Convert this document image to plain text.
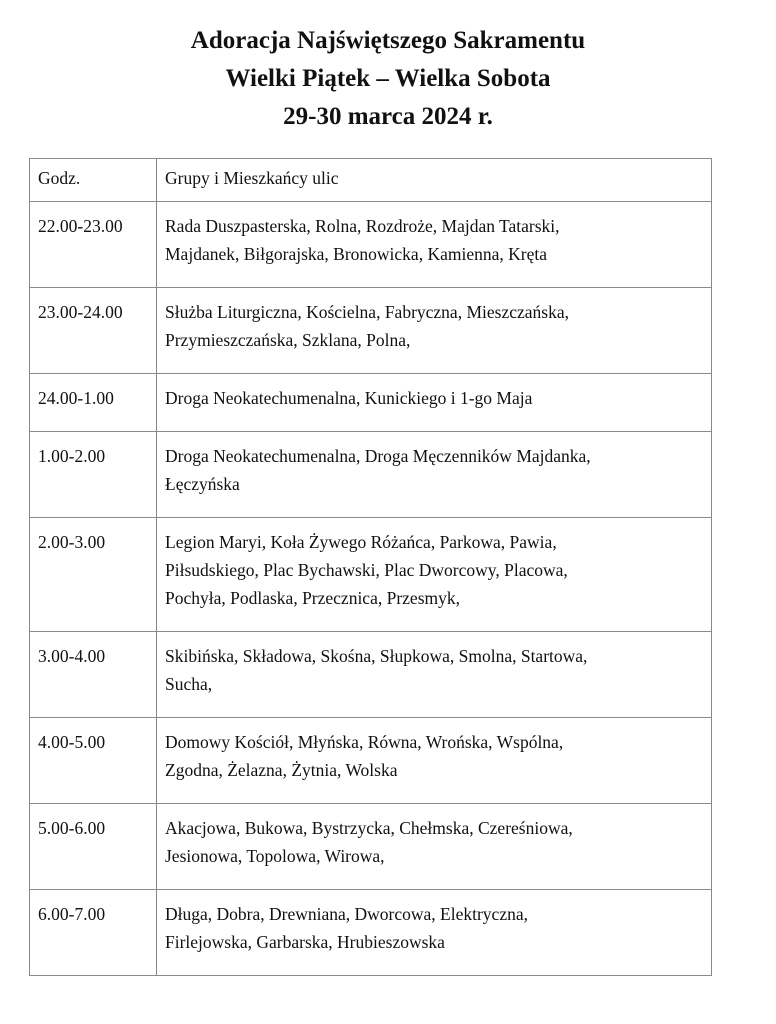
Adoracja Najświętszego Sakramentu
Wielki Piątek – Wielka Sobota
29-30 marca 2024 r.
Godz.	Grupy i Mieszkańcy ulic
22.00-23.00	Rada Duszpasterska, Rolna, Rozdroże, Majdan Tatarski,
Majdanek, Biłgorajska, Bronowicka, Kamienna, Kręta

23.00-24.00	Służba Liturgiczna, Kościelna, Fabryczna, Mieszczańska,
Przymieszczańska, Szklana, Polna,

24.00-1.00	Droga Neokatechumenalna, Kunickiego i 1-go Maja

1.00-2.00	Droga Neokatechumenalna, Droga Męczenników Majdanka,
Łęczyńska

2.00-3.00	Legion Maryi, Koła Żywego Różańca, Parkowa, Pawia,
Piłsudskiego, Plac Bychawski, Plac Dworcowy, Placowa,
Pochyła, Podlaska, Przecznica, Przesmyk,

3.00-4.00	Skibińska, Składowa, Skośna, Słupkowa, Smolna, Startowa,
Sucha,

4.00-5.00	Domowy Kościół, Młyńska, Równa, Wrońska, Wspólna,
Zgodna, Żelazna, Żytnia, Wolska

5.00-6.00	Akacjowa, Bukowa, Bystrzycka, Chełmska, Czereśniowa,
Jesionowa, Topolowa, Wirowa,

6.00-7.00	Długa, Dobra, Drewniana, Dworcowa, Elektryczna,
Firlejowska, Garbarska, Hrubieszowska
